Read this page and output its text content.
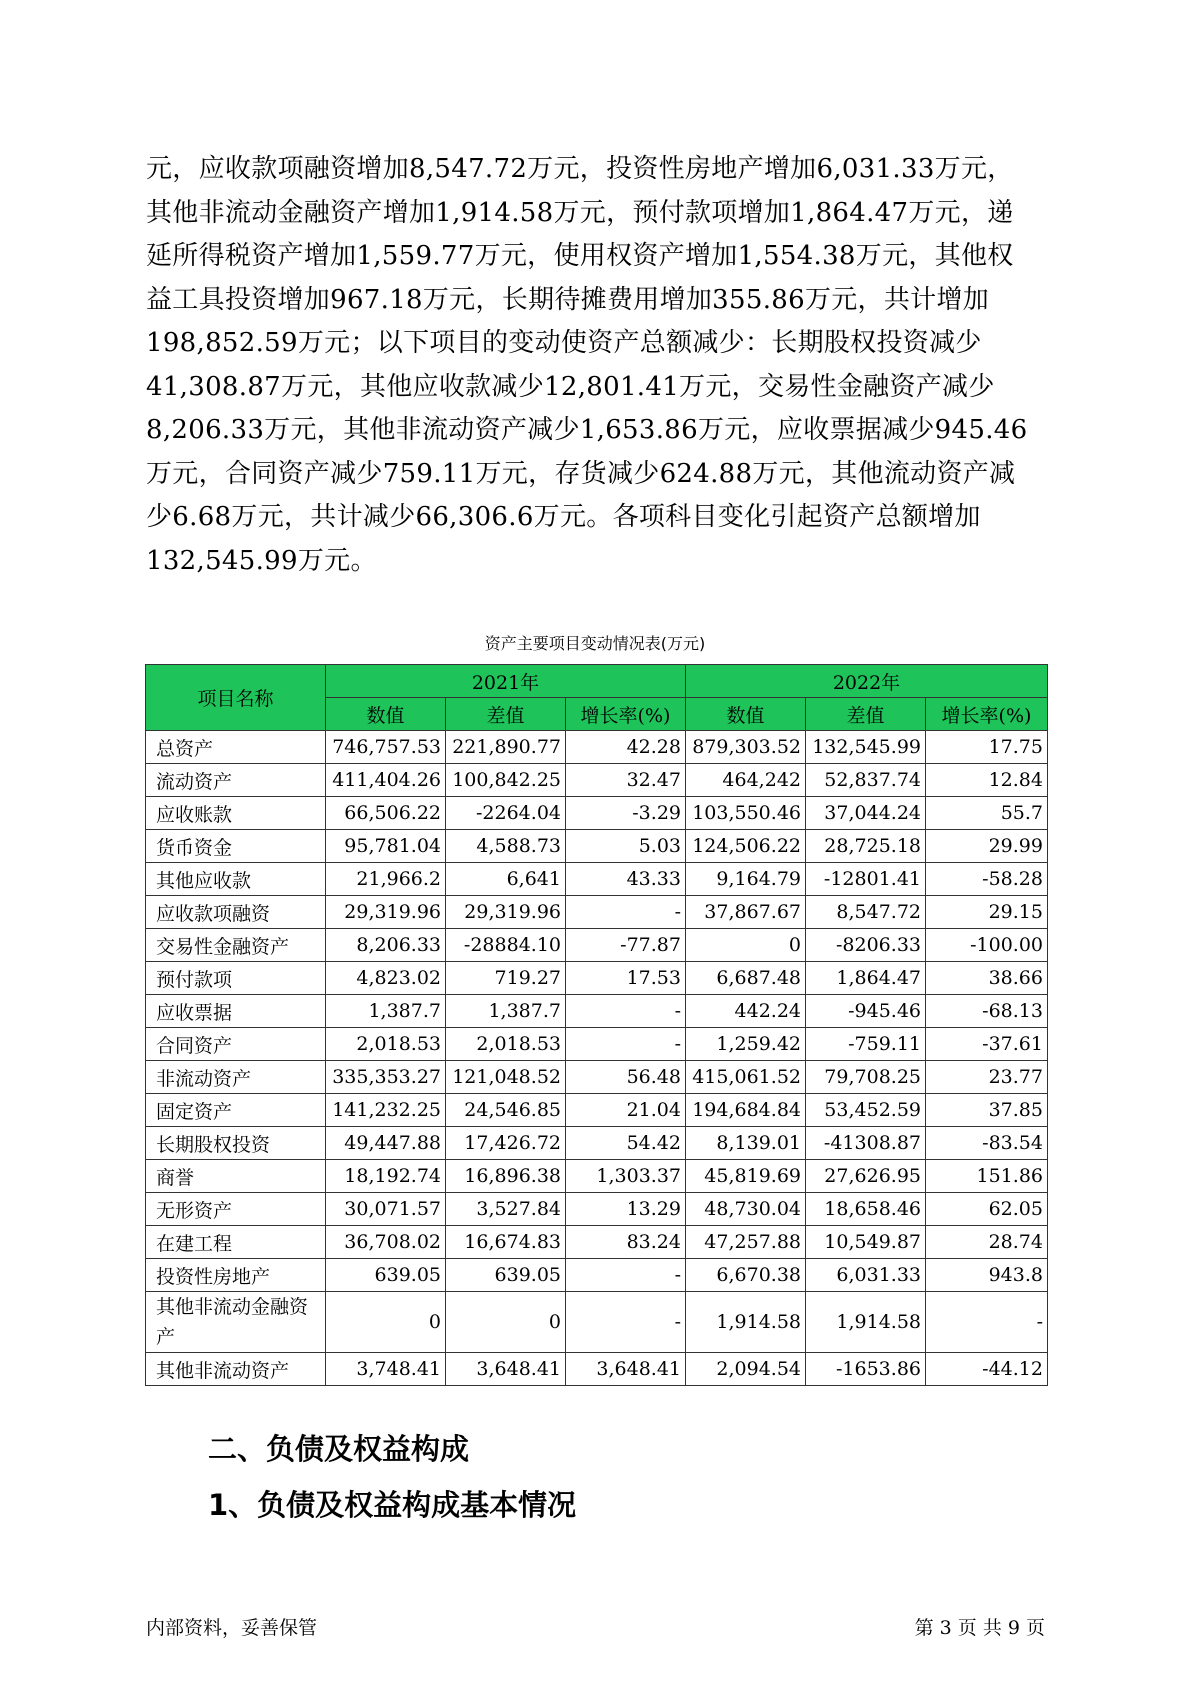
元，应收款项融资增加8,547.72万元，投资性房地产增加6,031.33万元，
其他非流动金融资产增加1,914.58万元，预付款项增加1,864.47万元，递
延所得税资产增加1,559.77万元，使用权资产增加1,554.38万元，其他权
益工具投资增加967.18万元，长期待摊费用增加355.86万元，共计增加
198,852.59万元；以下项目的变动使资产总额减少：长期股权投资减少
41,308.87万元，其他应收款减少12,801.41万元，交易性金融资产减少
8,206.33万元，其他非流动资产减少1,653.86万元，应收票据减少945.46
万元，合同资产减少759.11万元，存货减少624.88万元，其他流动资产减
少6.68万元，共计减少66,306.6万元。各项科目变化引起资产总额增加
132,545.99万元。
资产主要项目变动情况表(万元)
项目名称	2021年			2022年		
	数值	差值	增长率(%)	数值	差值	增长率(%)
总资产	746,757.53	221,890.77	42.28	879,303.52	132,545.99	17.75
流动资产	411,404.26	100,842.25	32.47	464,242	52,837.74	12.84
应收账款	66,506.22	-2264.04	-3.29	103,550.46	37,044.24	55.7
货币资金	95,781.04	4,588.73	5.03	124,506.22	28,725.18	29.99
其他应收款	21,966.2	6,641	43.33	9,164.79	-12801.41	-58.28
应收款项融资	29,319.96	29,319.96	-	37,867.67	8,547.72	29.15
交易性金融资产	8,206.33	-28884.10	-77.87	0	-8206.33	-100.00
预付款项	4,823.02	719.27	17.53	6,687.48	1,864.47	38.66
应收票据	1,387.7	1,387.7	-	442.24	-945.46	-68.13
合同资产	2,018.53	2,018.53	-	1,259.42	-759.11	-37.61
非流动资产	335,353.27	121,048.52	56.48	415,061.52	79,708.25	23.77
固定资产	141,232.25	24,546.85	21.04	194,684.84	53,452.59	37.85
长期股权投资	49,447.88	17,426.72	54.42	8,139.01	-41308.87	-83.54
商誉	18,192.74	16,896.38	1,303.37	45,819.69	27,626.95	151.86
无形资产	30,071.57	3,527.84	13.29	48,730.04	18,658.46	62.05
在建工程	36,708.02	16,674.83	83.24	47,257.88	10,549.87	28.74
投资性房地产	639.05	639.05	-	6,670.38	6,031.33	943.8
其他非流动金融资产	0	0	-	1,914.58	1,914.58	-
其他非流动资产	3,748.41	3,648.41	3,648.41	2,094.54	-1653.86	-44.12
二、负债及权益构成
1、负债及权益构成基本情况
内部资料，妥善保管	第 3 页 共 9 页
